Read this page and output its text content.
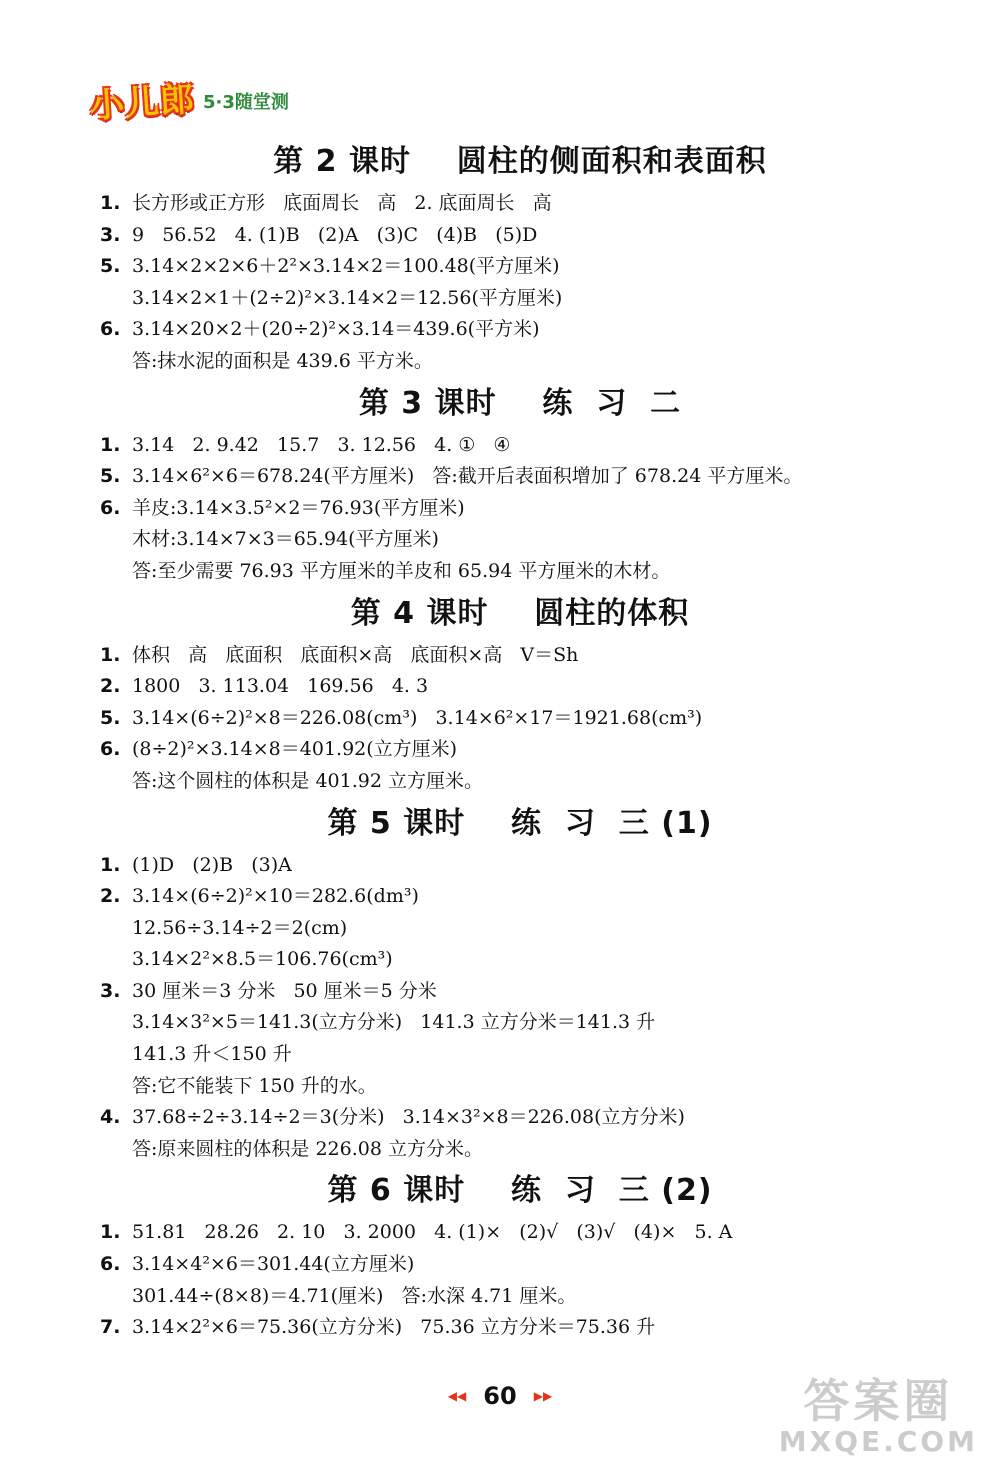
小儿郎 5·3随堂测
第 2 课时    圆柱的侧面积和表面积
1. 长方形或正方形   底面周长   高   2. 底面周长   高
3. 9   56.52   4. (1)B   (2)A   (3)C   (4)B   (5)D
5. 3.14×2×2×6＋2²×3.14×2＝100.48(平方厘米)
3.14×2×1＋(2÷2)²×3.14×2＝12.56(平方厘米)
6. 3.14×20×2＋(20÷2)²×3.14＝439.6(平方米)
答:抹水泥的面积是 439.6 平方米。
第 3 课时    练  习  二
1. 3.14   2. 9.42   15.7   3. 12.56   4. ①   ④
5. 3.14×6²×6＝678.24(平方厘米)   答:截开后表面积增加了 678.24 平方厘米。
6. 羊皮:3.14×3.5²×2＝76.93(平方厘米)
木材:3.14×7×3＝65.94(平方厘米)
答:至少需要 76.93 平方厘米的羊皮和 65.94 平方厘米的木材。
第 4 课时    圆柱的体积
1. 体积   高   底面积   底面积×高   底面积×高   V＝Sh
2. 1800   3. 113.04   169.56   4. 3
5. 3.14×(6÷2)²×8＝226.08(cm³)   3.14×6²×17＝1921.68(cm³)
6. (8÷2)²×3.14×8＝401.92(立方厘米)
答:这个圆柱的体积是 401.92 立方厘米。
第 5 课时    练  习  三 (1)
1. (1)D   (2)B   (3)A
2. 3.14×(6÷2)²×10＝282.6(dm³)
12.56÷3.14÷2＝2(cm)
3.14×2²×8.5＝106.76(cm³)
3. 30 厘米＝3 分米   50 厘米＝5 分米
3.14×3²×5＝141.3(立方分米)   141.3 立方分米＝141.3 升
141.3 升＜150 升
答:它不能装下 150 升的水。
4. 37.68÷2÷3.14÷2＝3(分米)   3.14×3²×8＝226.08(立方分米)
答:原来圆柱的体积是 226.08 立方分米。
第 6 课时    练  习  三 (2)
1. 51.81   28.26   2. 10   3. 2000   4. (1)×   (2)√   (3)√   (4)×   5. A
6. 3.14×4²×6＝301.44(立方厘米)
301.44÷(8×8)＝4.71(厘米)   答:水深 4.71 厘米。
7. 3.14×2²×6＝75.36(立方分米)   75.36 立方分米＝75.36 升
◀◀ 60 ▶▶	答案圈
MXQE.COM
